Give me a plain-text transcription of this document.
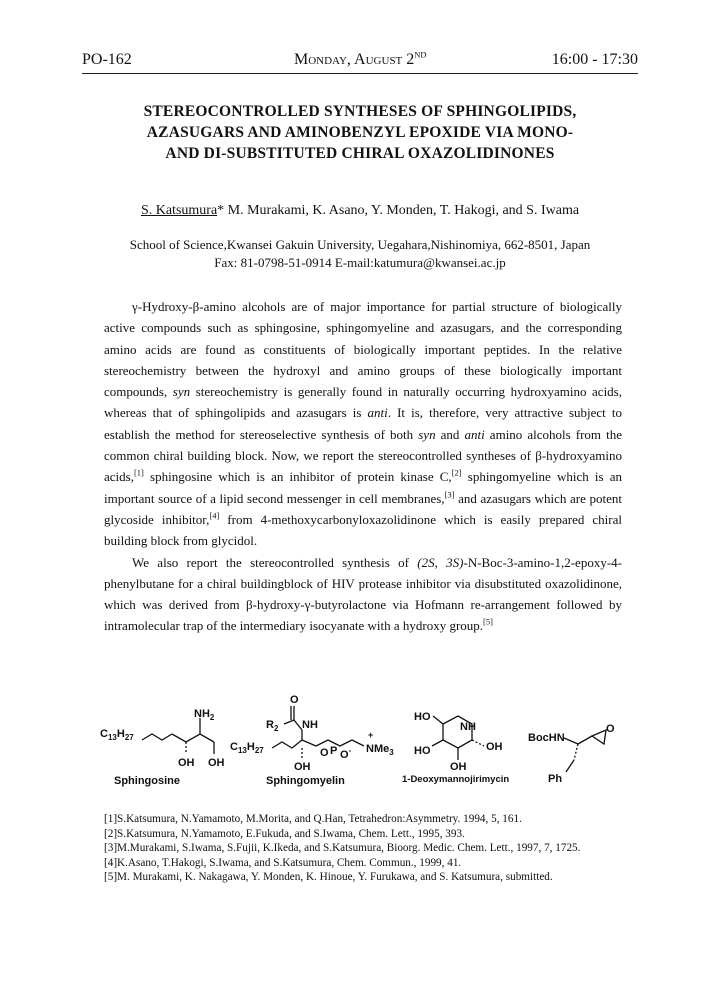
PO-162	Monday, August 2ND	16:00 - 17:30
STEREOCONTROLLED SYNTHESES OF SPHINGOLIPIDS,
AZASUGARS AND AMINOBENZYL EPOXIDE VIA MONO-
AND DI-SUBSTITUTED CHIRAL OXAZOLIDINONES
S. Katsumura* M. Murakami, K. Asano, Y. Monden, T. Hakogi, and S. Iwama
School of Science,Kwansei Gakuin University, Uegahara,Nishinomiya, 662-8501, Japan
Fax: 81-0798-51-0914 E-mail:katumura@kwansei.ac.jp

γ-Hydroxy-β-amino alcohols are of major importance for partial structure of biologically active compounds such as sphingosine, sphingomyeline and azasugars, and the corresponding amino acids are found as constituents of biologically important peptides. In the relative stereochemistry between the hydroxyl and amino groups of these biologically important compounds, syn stereochemistry is generally found in naturally occurring hydroxyamino acids, whereas that of sphingolipids and azasugars is anti. It is, therefore, very attractive subject to establish the method for stereoselective synthesis of both syn and anti amino alcohols from the common chiral building block. Now, we report the stereocontrolled syntheses of β-hydroxyamino acids,[1] sphingosine which is an inhibitor of protein kinase C,[2] sphingomyeline which is an important source of a lipid second messenger in cell membranes,[3] and azasugars which are potent glycoside inhibitor,[4] from 4-methoxycarbonyloxazolidinone which is easily prepared chiral building block from glycidol.

We also report the stereocontrolled synthesis of (2S, 3S)-N-Boc-3-amino-1,2-epoxy-4-phenylbutane for a chiral buildingblock of HIV protease inhibitor via disubstituted oxazolidinone, which was derived from β-hydroxy-γ-butyrolactone via Hofmann re-arrangement followed by intramolecular trap of the intermediary isocyanate with a hydroxy group.[5]

$C_{13}H_{27}$
$NH_2$
OH OH
Sphingosine
O
$R_2$ NH
$C_{13}H_{27}$
OH
O P O- NMe$_3$
+
Sphingomyelin
HO
NH
HO	OH
OH
1-Deoxymannojirimycin
BocHN
O
Ph
[1]S.Katsumura, N.Yamamoto, M.Morita, and Q.Han, Tetrahedron:Asymmetry. 1994, 5, 161.
[2]S.Katsumura, N.Yamamoto, E.Fukuda, and S.Iwama, Chem. Lett., 1995, 393.
[3]M.Murakami, S.Iwama, S.Fujii, K.Ikeda, and S.Katsumura, Bioorg. Medic. Chem. Lett., 1997, 7, 1725.
[4]K.Asano, T.Hakogi, S.Iwama, and S.Katsumura, Chem. Commun., 1999, 41.
[5]M. Murakami, K. Nakagawa, Y. Monden, K. Hinoue, Y. Furukawa, and S. Katsumura, submitted.
